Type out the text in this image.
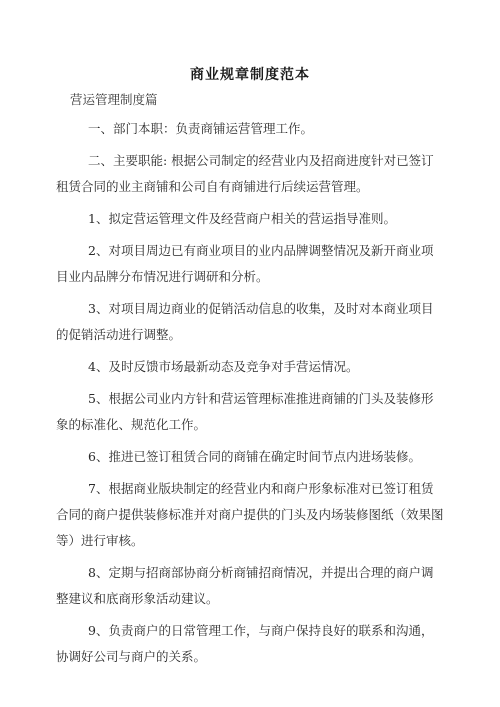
商业规章制度范本
营运管理制度篇
一、部门本职：负责商铺运营管理工作。
二、主要职能: 根据公司制定的经营业内及招商进度针对已签订租赁合同的业主商铺和公司自有商铺进行后续运营管理。
1、拟定营运管理文件及经营商户相关的营运指导准则。
2、对项目周边已有商业项目的业内品牌调整情况及新开商业项目业内品牌分布情况进行调研和分析。
3、对项目周边商业的促销活动信息的收集，及时对本商业项目的促销活动进行调整。
4、及时反馈市场最新动态及竞争对手营运情况。
5、根据公司业内方针和营运管理标准推进商铺的门头及装修形象的标准化、规范化工作。
6、推进已签订租赁合同的商铺在确定时间节点内进场装修。
7、根据商业版块制定的经营业内和商户形象标准对已签订租赁合同的商户提供装修标准并对商户提供的门头及内场装修图纸（效果图等）进行审核。
8、定期与招商部协商分析商铺招商情况，并提出合理的商户调整建议和底商形象活动建议。
9、负责商户的日常管理工作，与商户保持良好的联系和沟通，协调好公司与商户的关系。
